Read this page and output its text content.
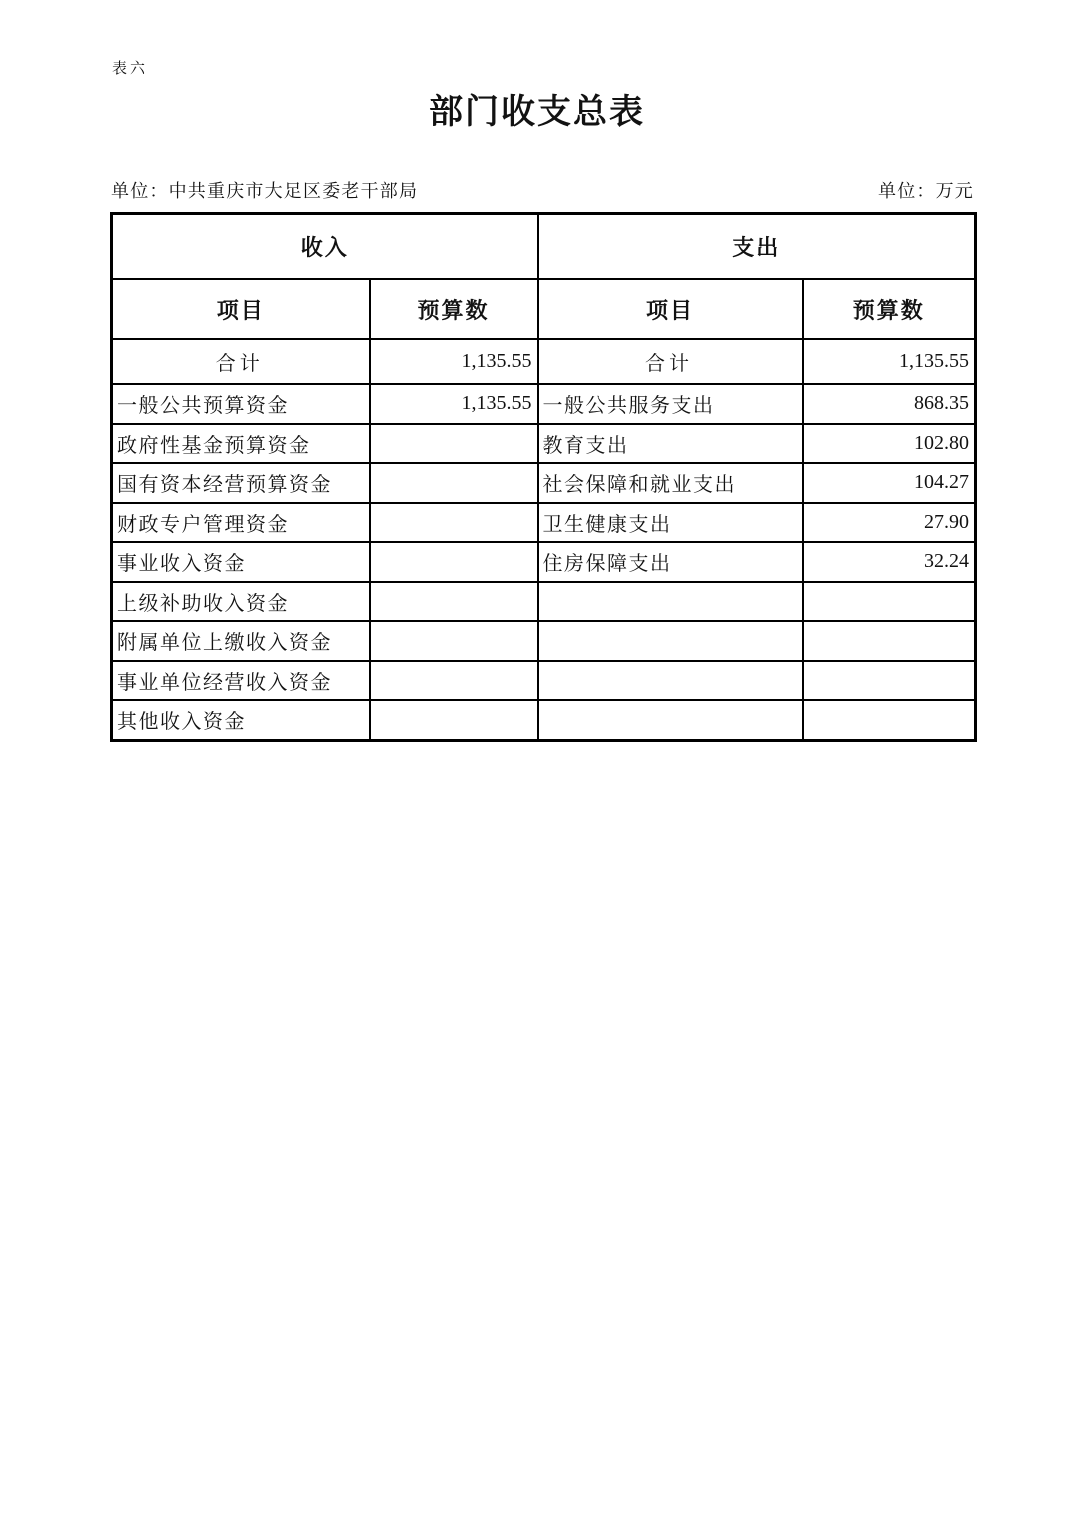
表六
部门收支总表
单位：中共重庆市大足区委老干部局	单位：万元
收入		支出	
项目	预算数	项目	预算数
合计	1,135.55	合计	1,135.55
一般公共预算资金	1,135.55	一般公共服务支出	868.35
政府性基金预算资金		教育支出	102.80
国有资本经营预算资金		社会保障和就业支出	104.27
财政专户管理资金		卫生健康支出	27.90
事业收入资金		住房保障支出	32.24
上级补助收入资金			
附属单位上缴收入资金			
事业单位经营收入资金			
其他收入资金			
